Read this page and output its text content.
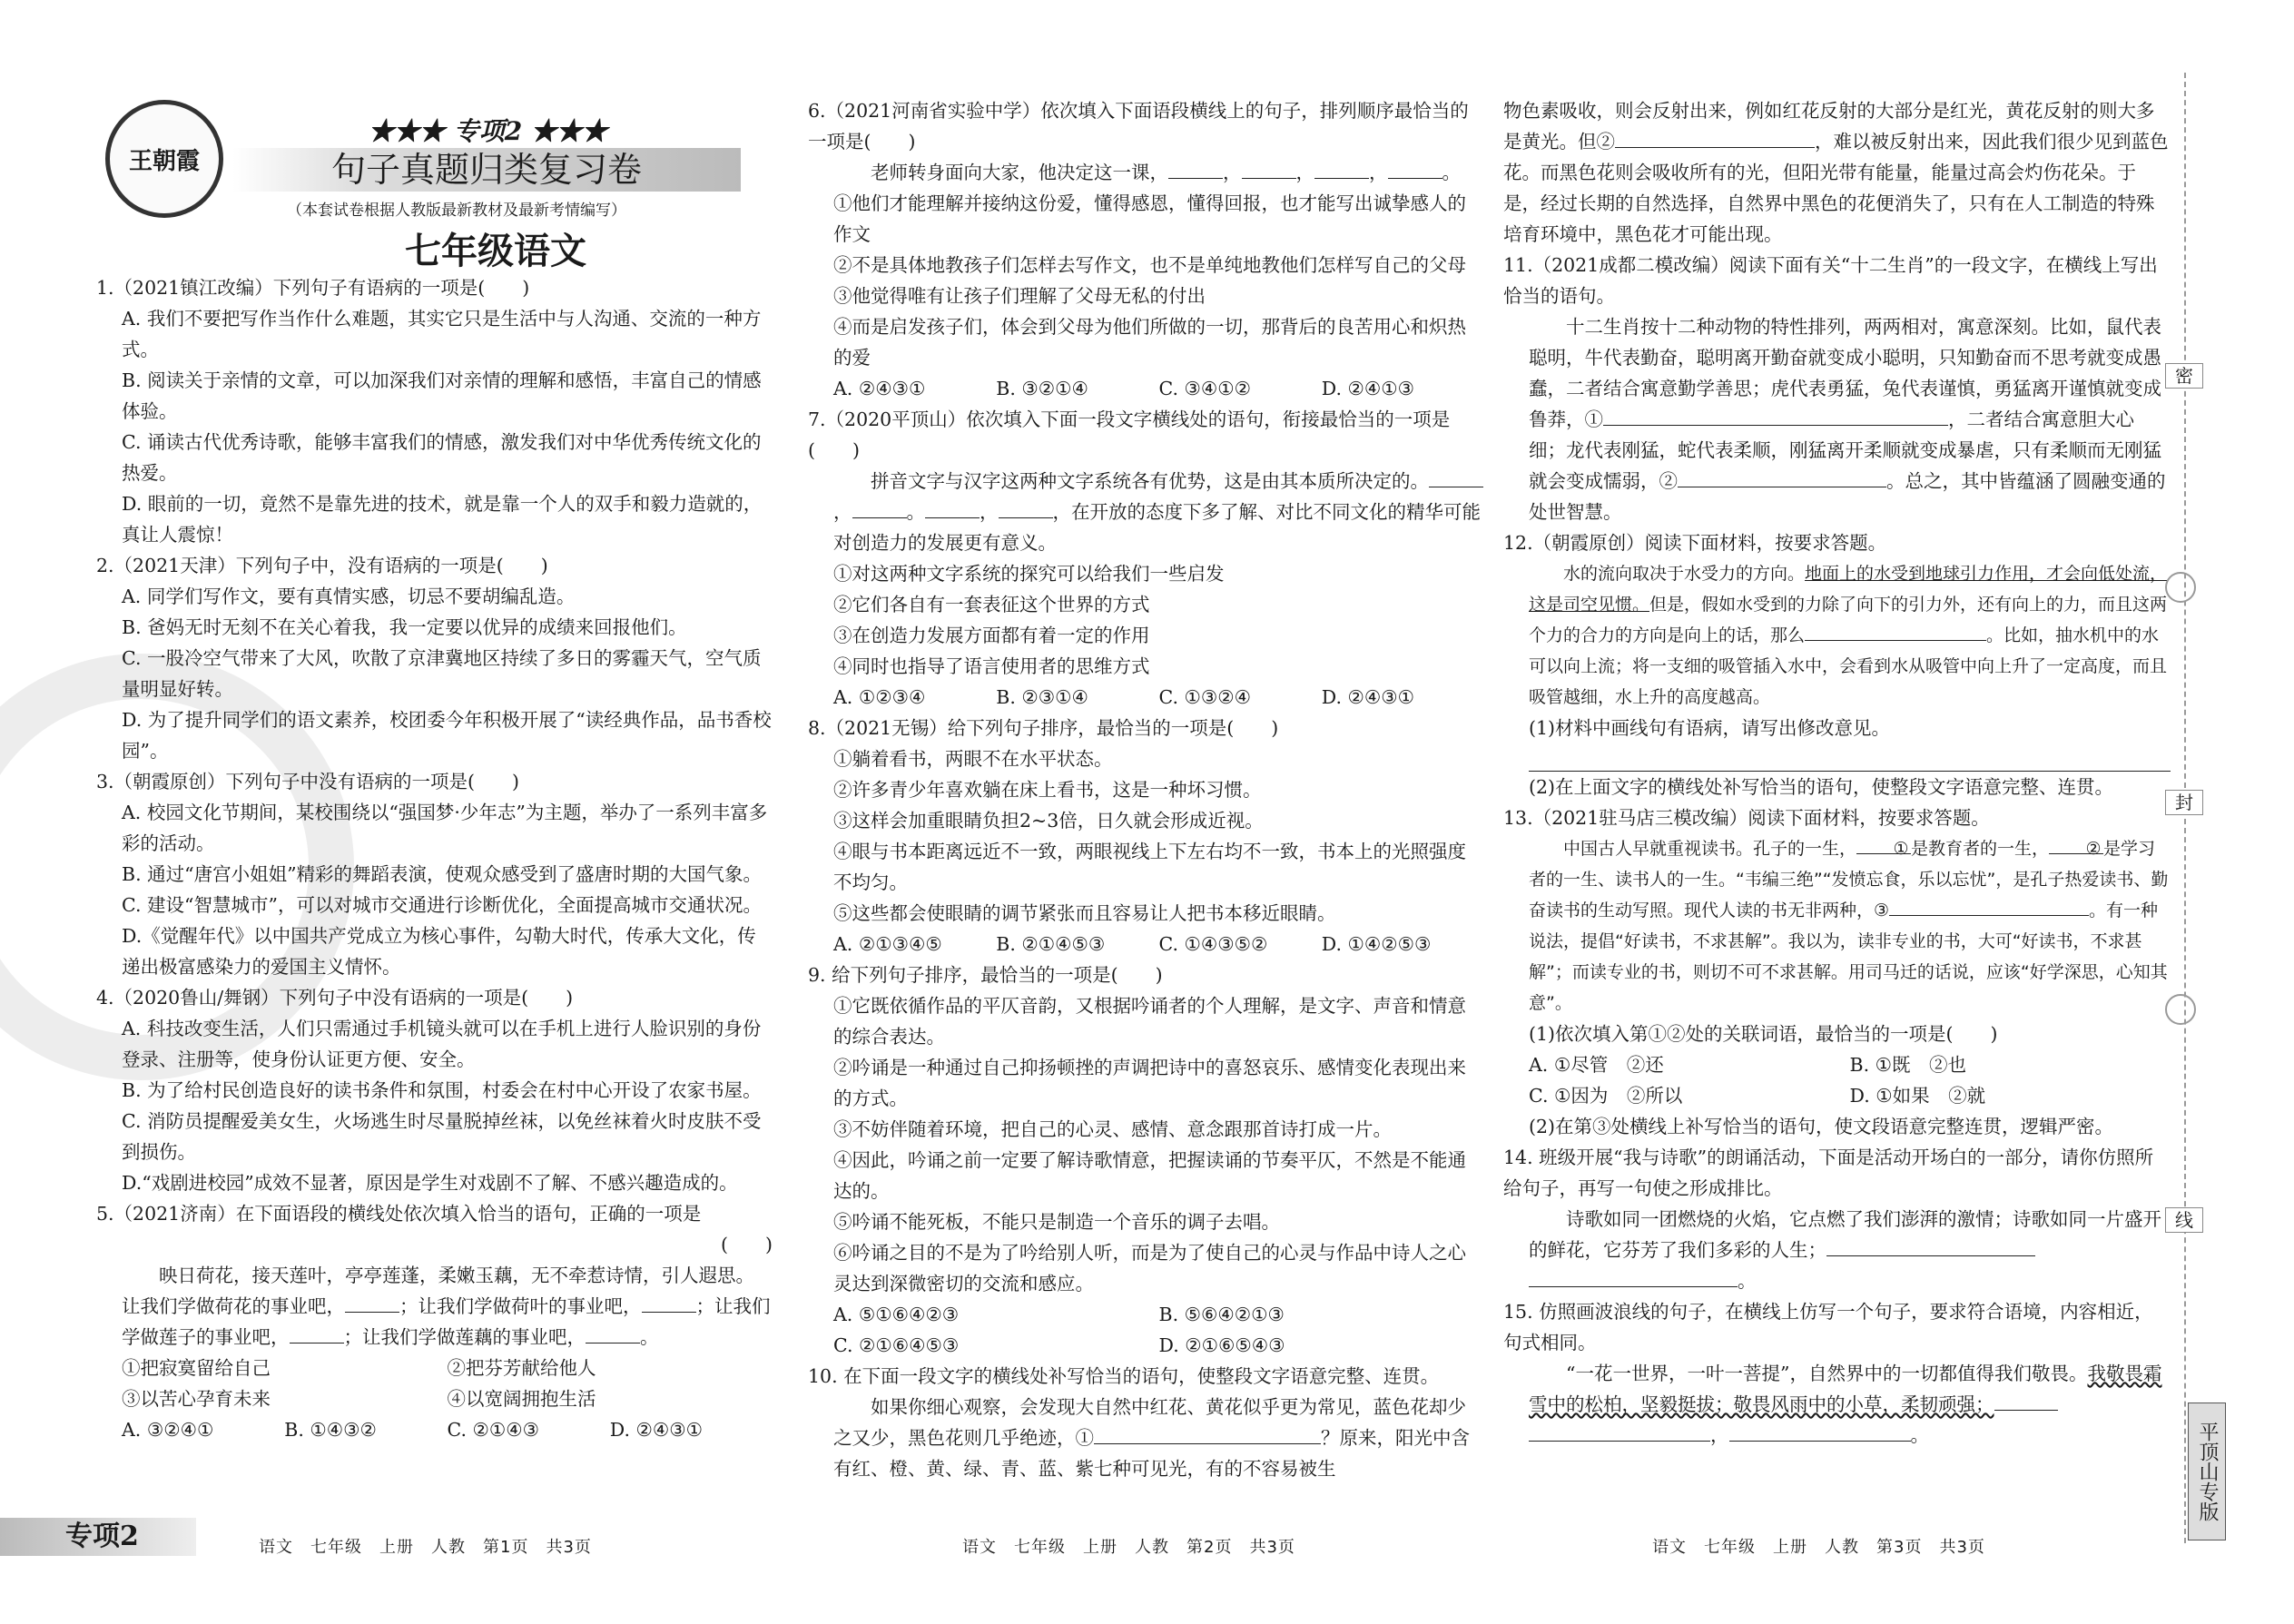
王朝霞
★★★ 专项2 ★★★
句子真题归类复习卷
（本套试卷根据人教版最新教材及最新考情编写）
七年级语文

1.（2021镇江改编）下列句子有语病的一项是(　　)

A. 我们不要把写作当作什么难题，其实它只是生活中与人沟通、交流的一种方式。

B. 阅读关于亲情的文章，可以加深我们对亲情的理解和感悟，丰富自己的情感体验。

C. 诵读古代优秀诗歌，能够丰富我们的情感，激发我们对中华优秀传统文化的热爱。

D. 眼前的一切，竟然不是靠先进的技术，就是靠一个人的双手和毅力造就的，真让人震惊！

2.（2021天津）下列句子中，没有语病的一项是(　　)

A. 同学们写作文，要有真情实感，切忌不要胡编乱造。

B. 爸妈无时无刻不在关心着我，我一定要以优异的成绩来回报他们。

C. 一股冷空气带来了大风，吹散了京津冀地区持续了多日的雾霾天气，空气质量明显好转。

D. 为了提升同学们的语文素养，校团委今年积极开展了“读经典作品，品书香校园”。

3.（朝霞原创）下列句子中没有语病的一项是(　　)

A. 校园文化节期间，某校围绕以“强国梦·少年志”为主题，举办了一系列丰富多彩的活动。

B. 通过“唐宫小姐姐”精彩的舞蹈表演，使观众感受到了盛唐时期的大国气象。

C. 建设“智慧城市”，可以对城市交通进行诊断优化，全面提高城市交通状况。

D.《觉醒年代》以中国共产党成立为核心事件，勾勒大时代，传承大文化，传递出极富感染力的爱国主义情怀。

4.（2020鲁山/舞钢）下列句子中没有语病的一项是(　　)

A. 科技改变生活，人们只需通过手机镜头就可以在手机上进行人脸识别的身份登录、注册等，使身份认证更方便、安全。

B. 为了给村民创造良好的读书条件和氛围，村委会在村中心开设了农家书屋。

C. 消防员提醒爱美女生，火场逃生时尽量脱掉丝袜，以免丝袜着火时皮肤不受到损伤。

D.“戏剧进校园”成效不显著，原因是学生对戏剧不了解、不感兴趣造成的。

5.（2021济南）在下面语段的横线处依次填入恰当的语句，正确的一项是

(　　)

映日荷花，接天莲叶，亭亭莲蓬，柔嫩玉藕，无不牵惹诗情，引人遐思。让我们学做荷花的事业吧，	；让我们学做荷叶的事业吧，	；让我们学做莲子的事业吧，	；让我们学做莲藕的事业吧，	。

①把寂寞留给自己	②把芬芳献给他人
③以苦心孕育未来	④以宽阔拥抱生活
A. ③②④①	B. ①④③②	C. ②①④③	D. ②④③①

6.（2021河南省实验中学）依次填入下面语段横线上的句子，排列顺序最恰当的一项是(　　)

老师转身面向大家，他决定这一课，	，	，	，	。

①他们才能理解并接纳这份爱，懂得感恩，懂得回报，也才能写出诚挚感人的作文

②不是具体地教孩子们怎样去写作文，也不是单纯地教他们怎样写自己的父母

③他觉得唯有让孩子们理解了父母无私的付出

④而是启发孩子们，体会到父母为他们所做的一切，那背后的良苦用心和炽热的爱

A. ②④③①	B. ③②①④	C. ③④①②	D. ②④①③

7.（2020平顶山）依次填入下面一段文字横线处的语句，衔接最恰当的一项是(　　)

拼音文字与汉字这两种文字系统各有优势，这是由其本质所决定的。，	。	，	，在开放的态度下多了解、对比不同文化的精华可能对创造力的发展更有意义。

①对这两种文字系统的探究可以给我们一些启发

②它们各自有一套表征这个世界的方式

③在创造力发展方面都有着一定的作用

④同时也指导了语言使用者的思维方式

A. ①②③④	B. ②③①④	C. ①③②④	D. ②④③①

8.（2021无锡）给下列句子排序，最恰当的一项是(　　)

①躺着看书，两眼不在水平状态。

②许多青少年喜欢躺在床上看书，这是一种坏习惯。

③这样会加重眼睛负担2~3倍，日久就会形成近视。

④眼与书本距离远近不一致，两眼视线上下左右均不一致，书本上的光照强度不均匀。

⑤这些都会使眼睛的调节紧张而且容易让人把书本移近眼睛。

A. ②①③④⑤	B. ②①④⑤③	C. ①④③⑤②	D. ①④②⑤③

9. 给下列句子排序，最恰当的一项是(　　)

①它既依循作品的平仄音韵，又根据吟诵者的个人理解，是文字、声音和情意的综合表达。

②吟诵是一种通过自己抑扬顿挫的声调把诗中的喜怒哀乐、感情变化表现出来的方式。

③不妨伴随着环境，把自己的心灵、感情、意念跟那首诗打成一片。

④因此，吟诵之前一定要了解诗歌情意，把握读诵的节奏平仄，不然是不能通达的。

⑤吟诵不能死板，不能只是制造一个音乐的调子去唱。

⑥吟诵之目的不是为了吟给别人听，而是为了使自己的心灵与作品中诗人之心灵达到深微密切的交流和感应。

A. ⑤①⑥④②③	B. ⑤⑥④②①③
C. ②①⑥④⑤③	D. ②①⑥⑤④③

10. 在下面一段文字的横线处补写恰当的语句，使整段文字语意完整、连贯。

如果你细心观察，会发现大自然中红花、黄花似乎更为常见，蓝色花却少之又少，黑色花则几乎绝迹，①	？原来，阳光中含有红、橙、黄、绿、青、蓝、紫七种可见光，有的不容易被生

物色素吸收，则会反射出来，例如红花反射的大部分是红光，黄花反射的则大多是黄光。但②	，难以被反射出来，因此我们很少见到蓝色花。而黑色花则会吸收所有的光，但阳光带有能量，能量过高会灼伤花朵。于是，经过长期的自然选择，自然界中黑色的花便消失了，只有在人工制造的特殊培育环境中，黑色花才可能出现。

11.（2021成都二模改编）阅读下面有关“十二生肖”的一段文字，在横线上写出恰当的语句。

十二生肖按十二种动物的特性排列，两两相对，寓意深刻。比如，鼠代表聪明，牛代表勤奋，聪明离开勤奋就变成小聪明，只知勤奋而不思考就变成愚蠢，二者结合寓意勤学善思；虎代表勇猛，兔代表谨慎，勇猛离开谨慎就变成鲁莽，①	，二者结合寓意胆大心细；龙代表刚猛，蛇代表柔顺，刚猛离开柔顺就变成暴虐，只有柔顺而无刚猛就会变成懦弱，②	。总之，其中皆蕴涵了圆融变通的处世智慧。

12.（朝霞原创）阅读下面材料，按要求答题。

水的流向取决于水受力的方向。地面上的水受到地球引力作用，才会向低处流，这是司空见惯。但是，假如水受到的力除了向下的引力外，还有向上的力，而且这两个力的合力的方向是向上的话，那么	。比如，抽水机中的水可以向上流；将一支细的吸管插入水中，会看到水从吸管中向上升了一定高度，而且吸管越细，水上升的高度越高。

(1)材料中画线句有语病，请写出修改意见。

(2)在上面文字的横线处补写恰当的语句，使整段文字语意完整、连贯。

13.（2021驻马店三模改编）阅读下面材料，按要求答题。

中国古人早就重视读书。孔子的一生， ① 是教育者的一生， ② 是学习者的一生、读书人的一生。“韦编三绝”“发愤忘食，乐以忘忧”，是孔子热爱读书、勤奋读书的生动写照。现代人读的书无非两种，③	。有一种说法，提倡“好读书，不求甚解”。我以为，读非专业的书，大可“好读书，不求甚解”；而读专业的书，则切不可不求甚解。用司马迁的话说，应该“好学深思，心知其意”。

(1)依次填入第①②处的关联词语，最恰当的一项是(　　)

A. ①尽管　②还	B. ①既　②也
C. ①因为　②所以	D. ①如果　②就

(2)在第③处横线上补写恰当的语句，使文段语意完整连贯，逻辑严密。

14. 班级开展“我与诗歌”的朗诵活动，下面是活动开场白的一部分，请你仿照所给句子，再写一句使之形成排比。

诗歌如同一团燃烧的火焰，它点燃了我们澎湃的激情；诗歌如同一片盛开的鲜花，它芬芳了我们多彩的人生；。

15. 仿照画波浪线的句子，在横线上仿写一个句子，要求符合语境，内容相近，句式相同。

“一花一世界，一叶一菩提”，自然界中的一切都值得我们敬畏。我敬畏霜雪中的松柏，坚毅挺拔；敬畏风雨中的小草，柔韧顽强；，	。

专项2	语文　七年级　上册　人教　第1页　共3页	语文　七年级　上册　人教　第2页　共3页	语文　七年级　上册　人教　第3页　共3页
密
封
线
平顶山专版
